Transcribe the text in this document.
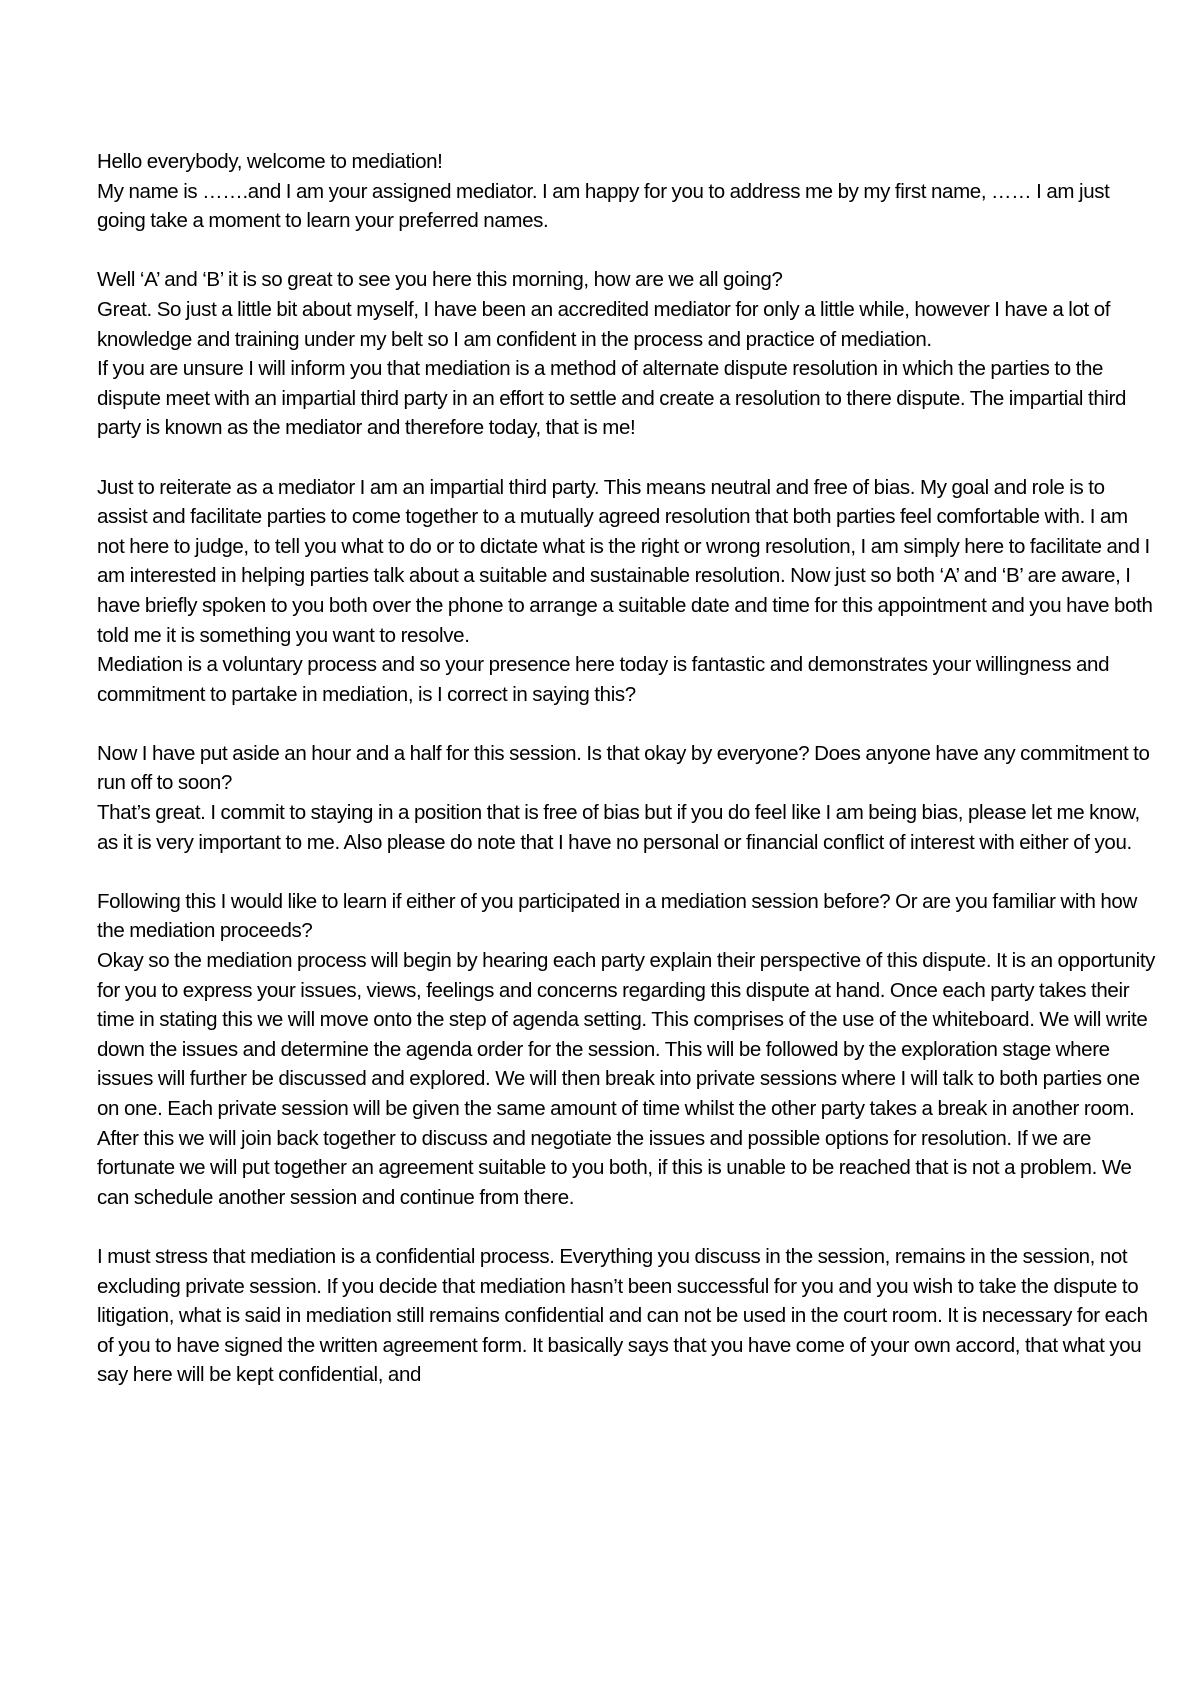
Hello everybody, welcome to mediation!

My name is …….and I am your assigned mediator. I am happy for you to address me by my first name, …… I am just going take a moment to learn your preferred names.

Well ‘A’ and ‘B’ it is so great to see you here this morning, how are we all going?

Great. So just a little bit about myself, I have been an accredited mediator for only a little while, however I have a lot of knowledge and training under my belt so I am confident in the process and practice of mediation.

If you are unsure I will inform you that mediation is a method of alternate dispute resolution in which the parties to the dispute meet with an impartial third party in an effort to settle and create a resolution to there dispute. The impartial third party is known as the mediator and therefore today, that is me!

Just to reiterate as a mediator I am an impartial third party. This means neutral and free of bias. My goal and role is to assist and facilitate parties to come together to a mutually agreed resolution that both parties feel comfortable with. I am not here to judge, to tell you what to do or to dictate what is the right or wrong resolution, I am simply here to facilitate and I am interested in helping parties talk about a suitable and sustainable resolution. Now just so both ‘A’ and ‘B’ are aware, I have briefly spoken to you both over the phone to arrange a suitable date and time for this appointment and you have both told me it is something you want to resolve.

Mediation is a voluntary process and so your presence here today is fantastic and demonstrates your willingness and commitment to partake in mediation, is I correct in saying this?

Now I have put aside an hour and a half for this session. Is that okay by everyone? Does anyone have any commitment to run off to soon?

That’s great. I commit to staying in a position that is free of bias but if you do feel like I am being bias, please let me know, as it is very important to me. Also please do note that I have no personal or financial conflict of interest with either of you.

Following this I would like to learn if either of you participated in a mediation session before? Or are you familiar with how the mediation proceeds?

Okay so the mediation process will begin by hearing each party explain their perspective of this dispute. It is an opportunity for you to express your issues, views, feelings and concerns regarding this dispute at hand. Once each party takes their time in stating this we will move onto the step of agenda setting. This comprises of the use of the whiteboard. We will write down the issues and determine the agenda order for the session. This will be followed by the exploration stage where issues will further be discussed and explored. We will then break into private sessions where I will talk to both parties one on one. Each private session will be given the same amount of time whilst the other party takes a break in another room. After this we will join back together to discuss and negotiate the issues and possible options for resolution. If we are fortunate we will put together an agreement suitable to you both, if this is unable to be reached that is not a problem. We can schedule another session and continue from there.

I must stress that mediation is a confidential process. Everything you discuss in the session, remains in the session, not excluding private session. If you decide that mediation hasn’t been successful for you and you wish to take the dispute to litigation, what is said in mediation still remains confidential and can not be used in the court room. It is necessary for each of you to have signed the written agreement form. It basically says that you have come of your own accord, that what you say here will be kept confidential, and
